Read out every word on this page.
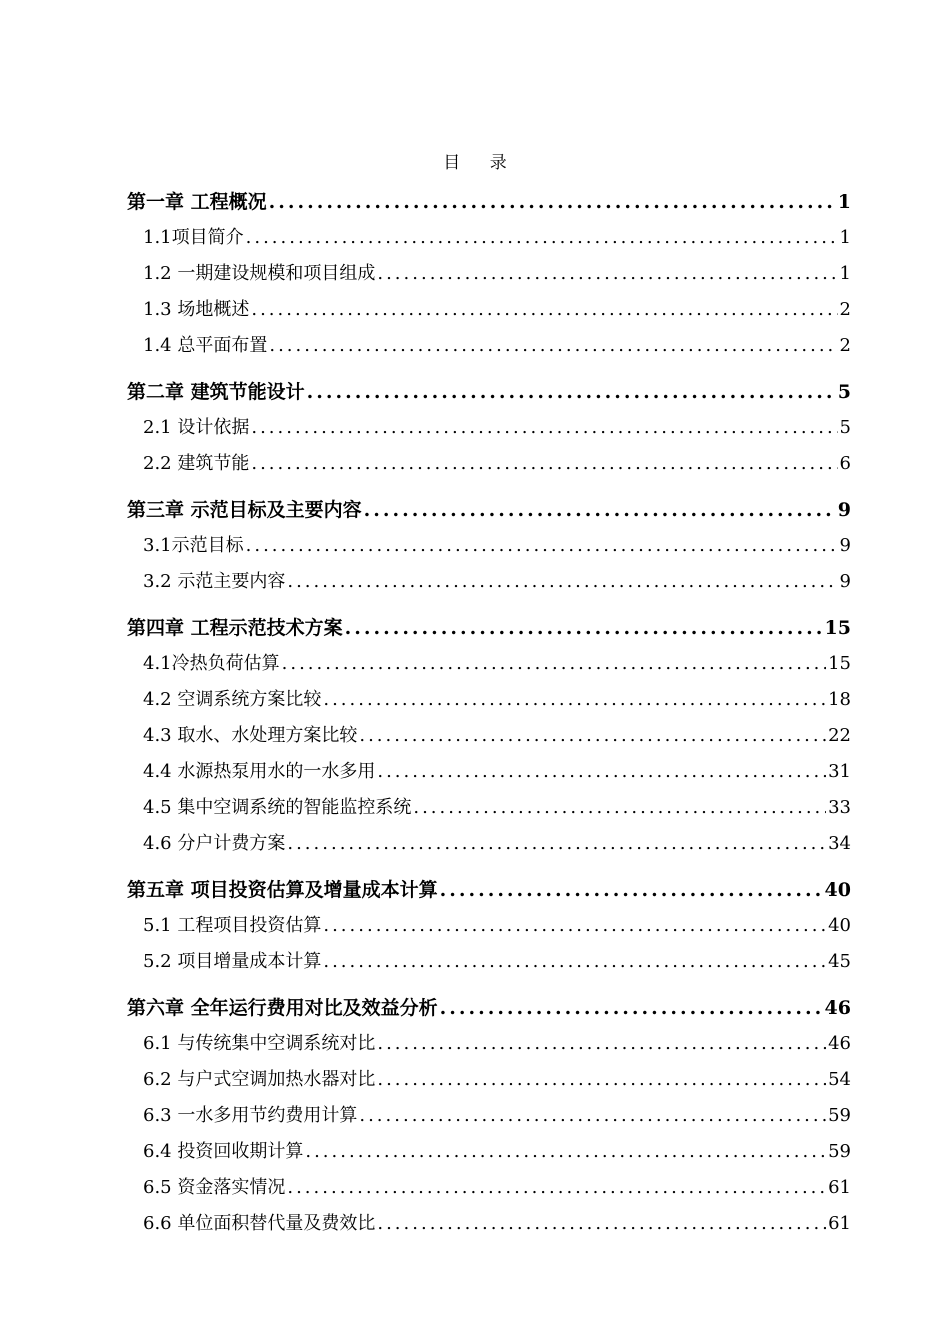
目 录
第一章 工程概况 .....	1
1.1项目简介 .....	1
1.2 一期建设规模和项目组成 .....	1
1.3 场地概述 .....	2
1.4 总平面布置 .....	2
第二章 建筑节能设计 .....	5
2.1 设计依据 .....	5
2.2 建筑节能 .....	6
第三章 示范目标及主要内容 .....	9
3.1示范目标 .....	9
3.2 示范主要内容 .....	9
第四章 工程示范技术方案 .....	15
4.1冷热负荷估算 .....	15
4.2 空调系统方案比较 .....	18
4.3 取水、水处理方案比较 .....	22
4.4 水源热泵用水的一水多用 .....	31
4.5 集中空调系统的智能监控系统 .....	33
4.6 分户计费方案 .....	34
第五章 项目投资估算及增量成本计算 .....	40
5.1 工程项目投资估算 .....	40
5.2 项目增量成本计算 .....	45
第六章 全年运行费用对比及效益分析 .....	46
6.1 与传统集中空调系统对比 .....	46
6.2 与户式空调加热水器对比 .....	54
6.3 一水多用节约费用计算 .....	59
6.4 投资回收期计算 .....	59
6.5 资金落实情况 .....	61
6.6 单位面积替代量及费效比 .....	61
